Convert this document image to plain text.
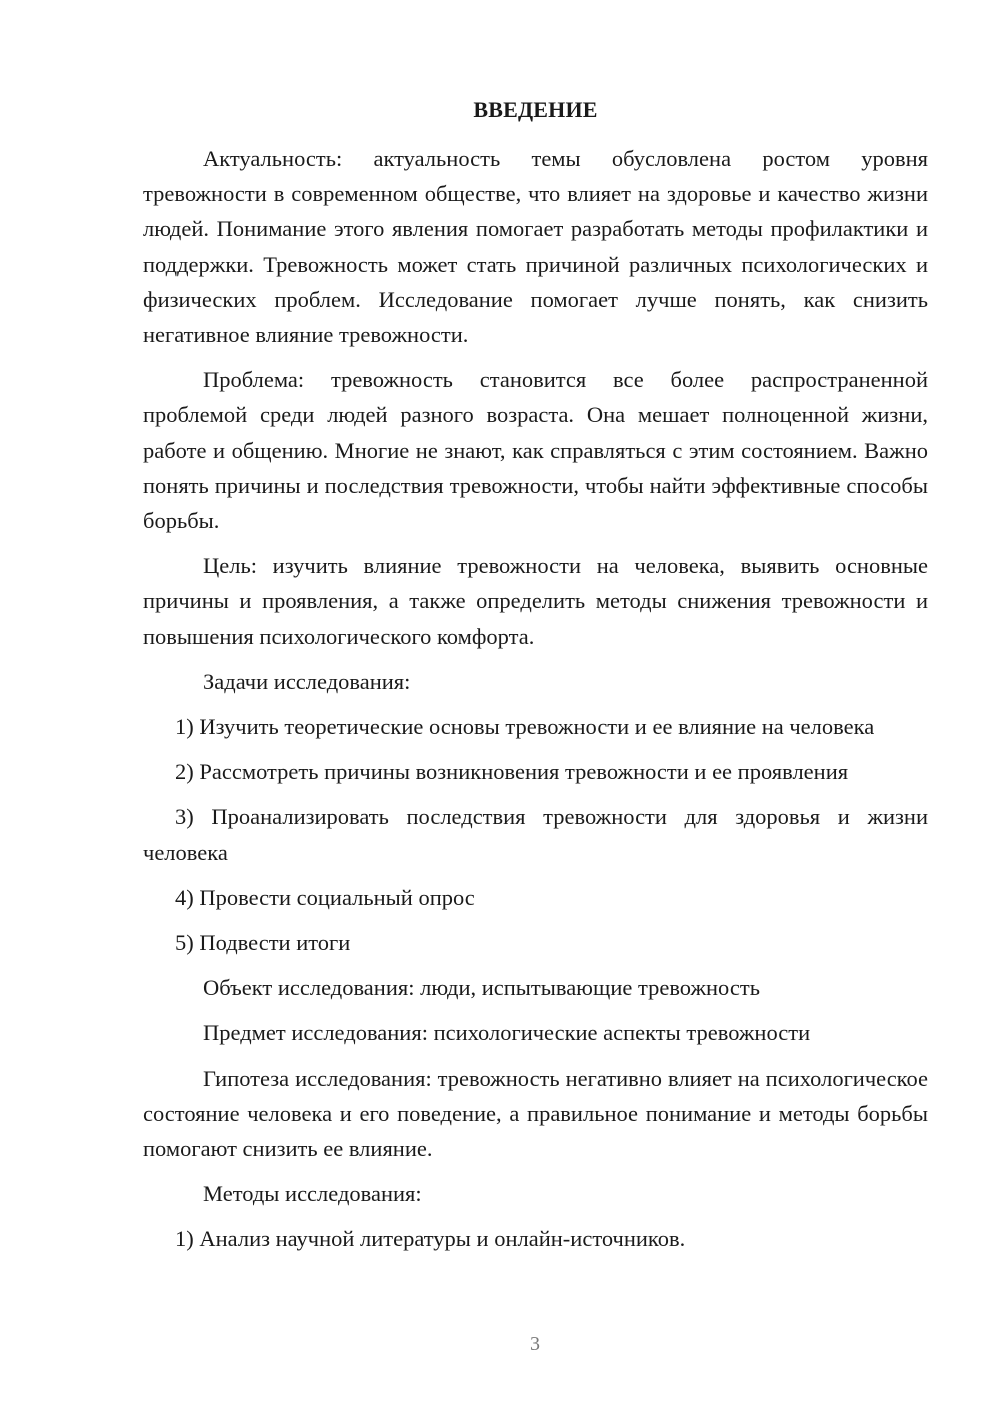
ВВЕДЕНИЕ

Актуальность: актуальность темы обусловлена ростом уровня тревожности в современном обществе, что влияет на здоровье и качество жизни людей. Понимание этого явления помогает разработать методы профилактики и поддержки. Тревожность может стать причиной различных психологических и физических проблем. Исследование помогает лучше понять, как снизить негативное влияние тревожности.

Проблема: тревожность становится все более распространенной проблемой среди людей разного возраста. Она мешает полноценной жизни, работе и общению. Многие не знают, как справляться с этим состоянием. Важно понять причины и последствия тревожности, чтобы найти эффективные способы борьбы.

Цель: изучить влияние тревожности на человека, выявить основные причины и проявления, а также определить методы снижения тревожности и повышения психологического комфорта.

Задачи исследования:

1) Изучить теоретические основы тревожности и ее влияние на человека

2) Рассмотреть причины возникновения тревожности и ее проявления

3) Проанализировать последствия тревожности для здоровья и жизни человека

4) Провести социальный опрос

5) Подвести итоги

Объект исследования: люди, испытывающие тревожность

Предмет исследования: психологические аспекты тревожности

Гипотеза исследования: тревожность негативно влияет на психологическое состояние человека и его поведение, а правильное понимание и методы борьбы помогают снизить ее влияние.

Методы исследования:

1) Анализ научной литературы и онлайн-источников.

3
